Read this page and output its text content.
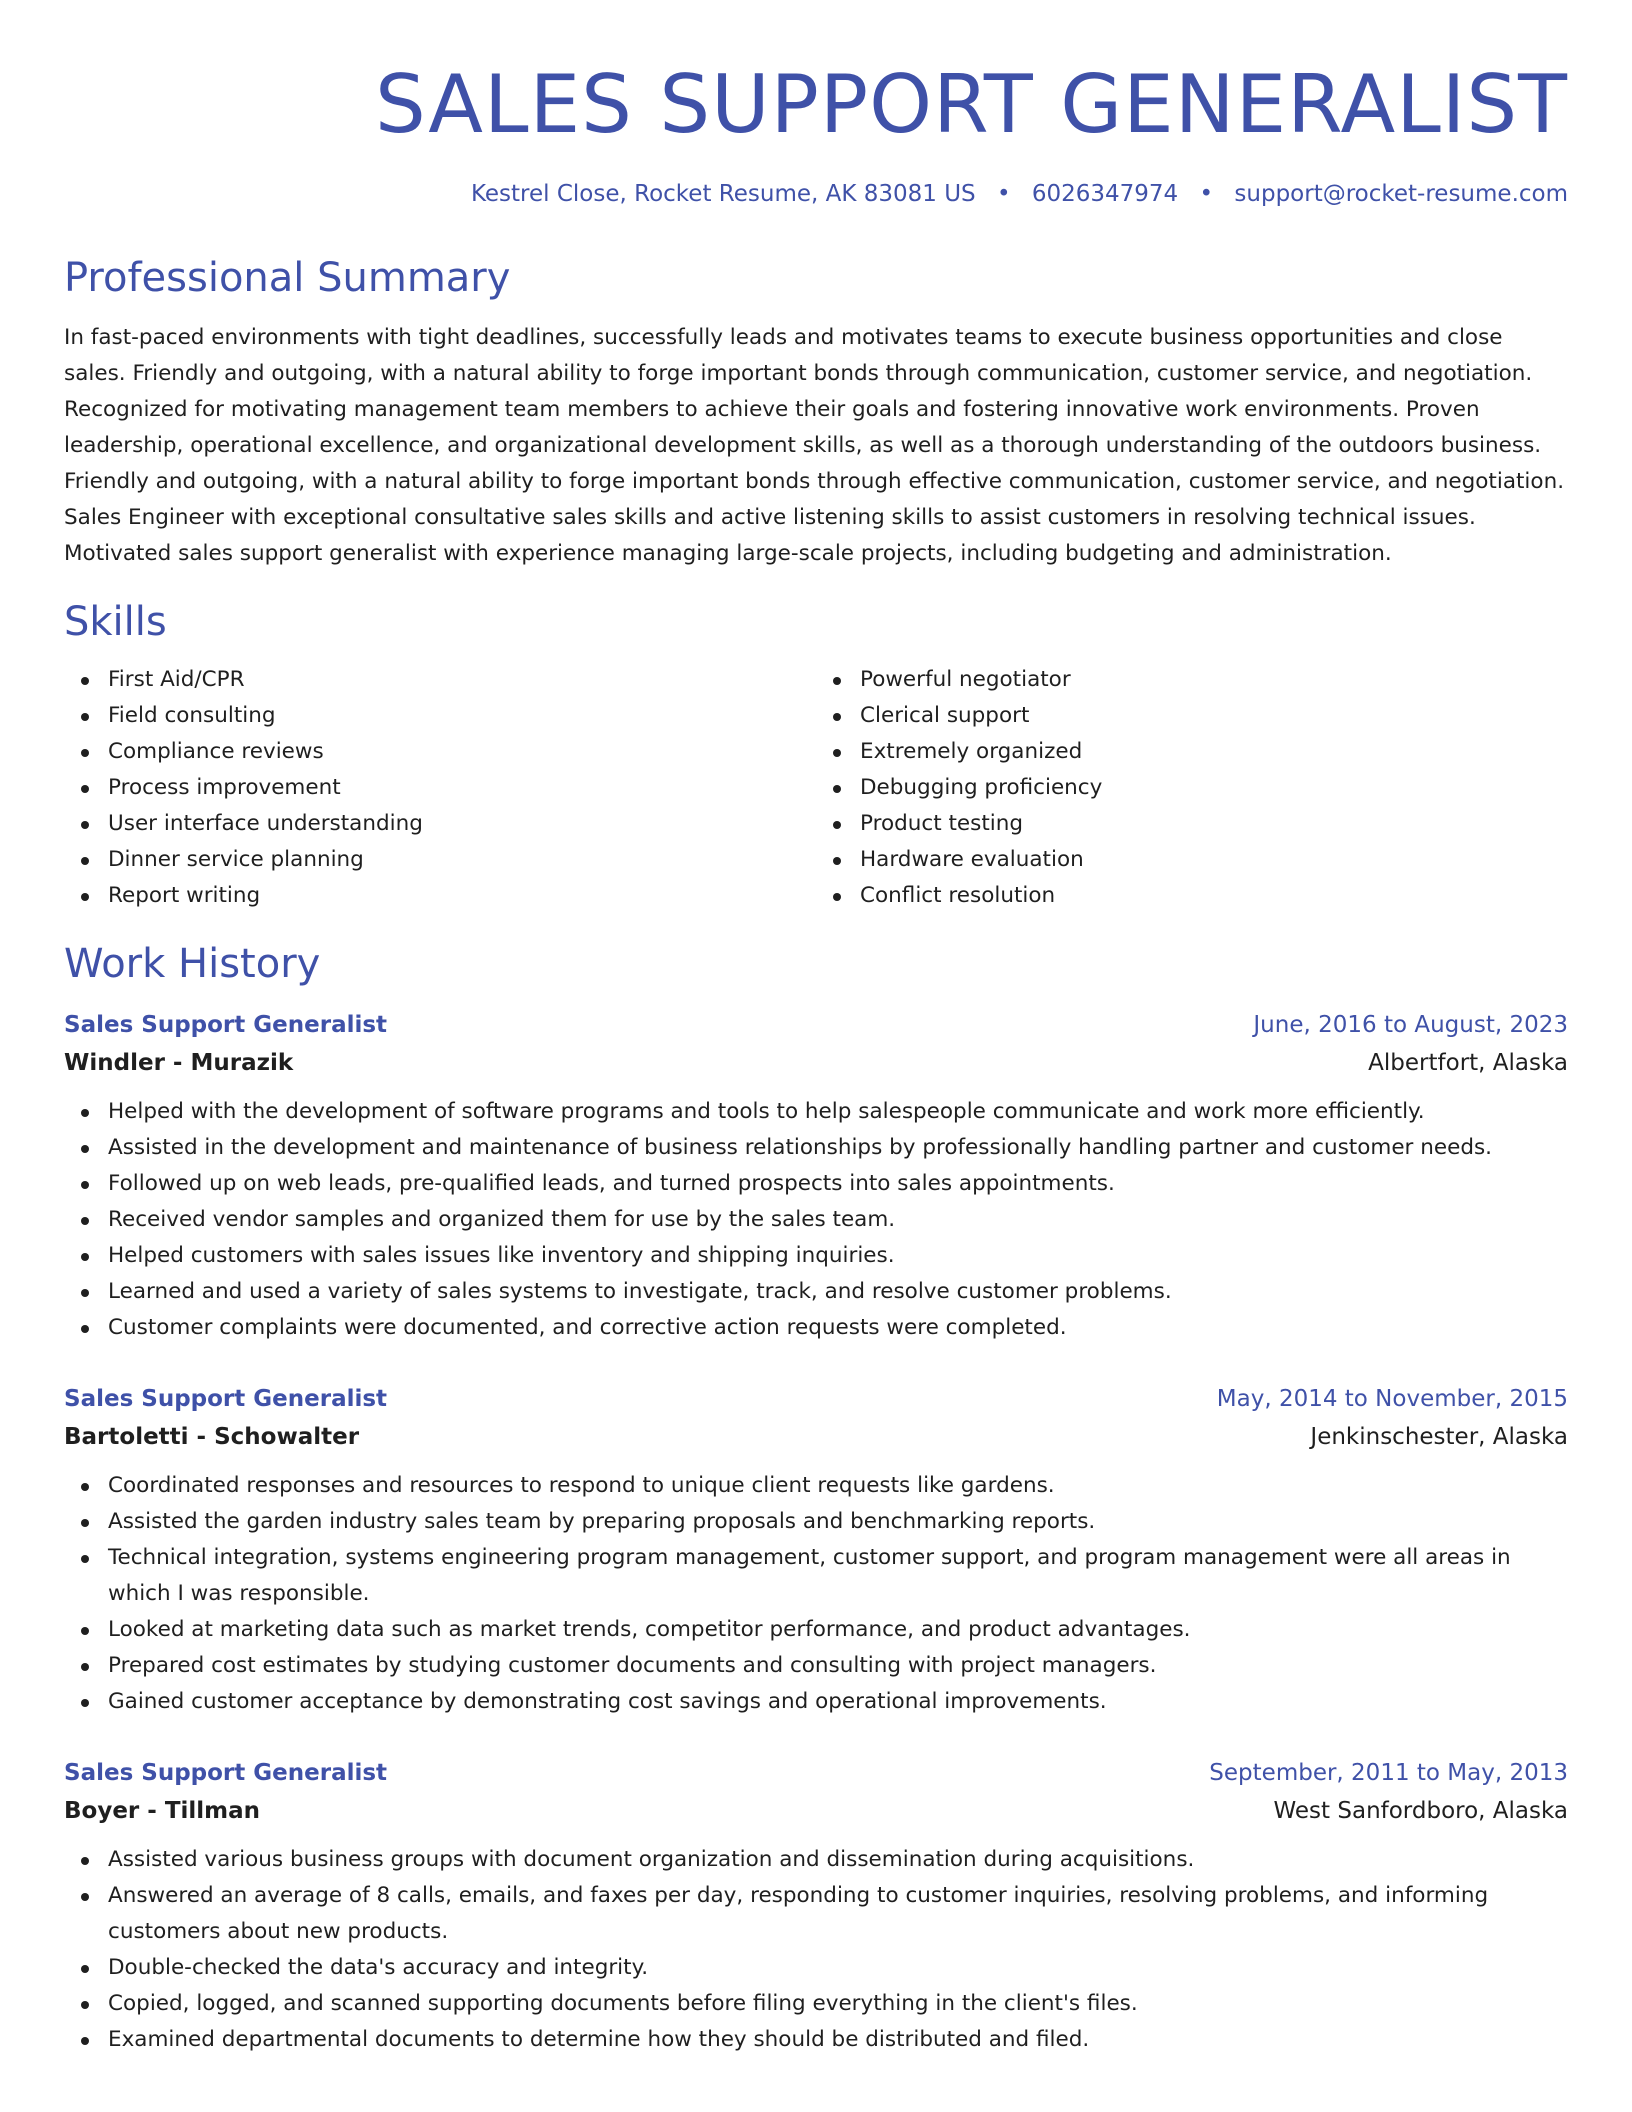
SALES SUPPORT GENERALIST
Kestrel Close, Rocket Resume, AK 83081 US • 6026347974 • support@rocket-resume.com
Professional Summary

In fast-paced environments with tight deadlines, successfully leads and motivates teams to execute business opportunities and close sales. Friendly and outgoing, with a natural ability to forge important bonds through communication, customer service, and negotiation. Recognized for motivating management team members to achieve their goals and fostering innovative work environments. Proven leadership, operational excellence, and organizational development skills, as well as a thorough understanding of the outdoors business. Friendly and outgoing, with a natural ability to forge important bonds through effective communication, customer service, and negotiation. Sales Engineer with exceptional consultative sales skills and active listening skills to assist customers in resolving technical issues. Motivated sales support generalist with experience managing large-scale projects, including budgeting and administration.

Skills
First Aid/CPR
Field consulting
Compliance reviews
Process improvement
User interface understanding
Dinner service planning
Report writing
Powerful negotiator
Clerical support
Extremely organized
Debugging proficiency
Product testing
Hardware evaluation
Conflict resolution
Work History
Sales Support Generalist	June, 2016 to August, 2023
Windler - Murazik	Albertfort, Alaska
Helped with the development of software programs and tools to help salespeople communicate and work more efficiently.
Assisted in the development and maintenance of business relationships by professionally handling partner and customer needs.
Followed up on web leads, pre-qualified leads, and turned prospects into sales appointments.
Received vendor samples and organized them for use by the sales team.
Helped customers with sales issues like inventory and shipping inquiries.
Learned and used a variety of sales systems to investigate, track, and resolve customer problems.
Customer complaints were documented, and corrective action requests were completed.
Sales Support Generalist	May, 2014 to November, 2015
Bartoletti - Schowalter	Jenkinschester, Alaska
Coordinated responses and resources to respond to unique client requests like gardens.
Assisted the garden industry sales team by preparing proposals and benchmarking reports.
Technical integration, systems engineering program management, customer support, and program management were all areas in which I was responsible.
Looked at marketing data such as market trends, competitor performance, and product advantages.
Prepared cost estimates by studying customer documents and consulting with project managers.
Gained customer acceptance by demonstrating cost savings and operational improvements.
Sales Support Generalist	September, 2011 to May, 2013
Boyer - Tillman	West Sanfordboro, Alaska
Assisted various business groups with document organization and dissemination during acquisitions.
Answered an average of 8 calls, emails, and faxes per day, responding to customer inquiries, resolving problems, and informing customers about new products.
Double-checked the data's accuracy and integrity.
Copied, logged, and scanned supporting documents before filing everything in the client's files.
Examined departmental documents to determine how they should be distributed and filed.
